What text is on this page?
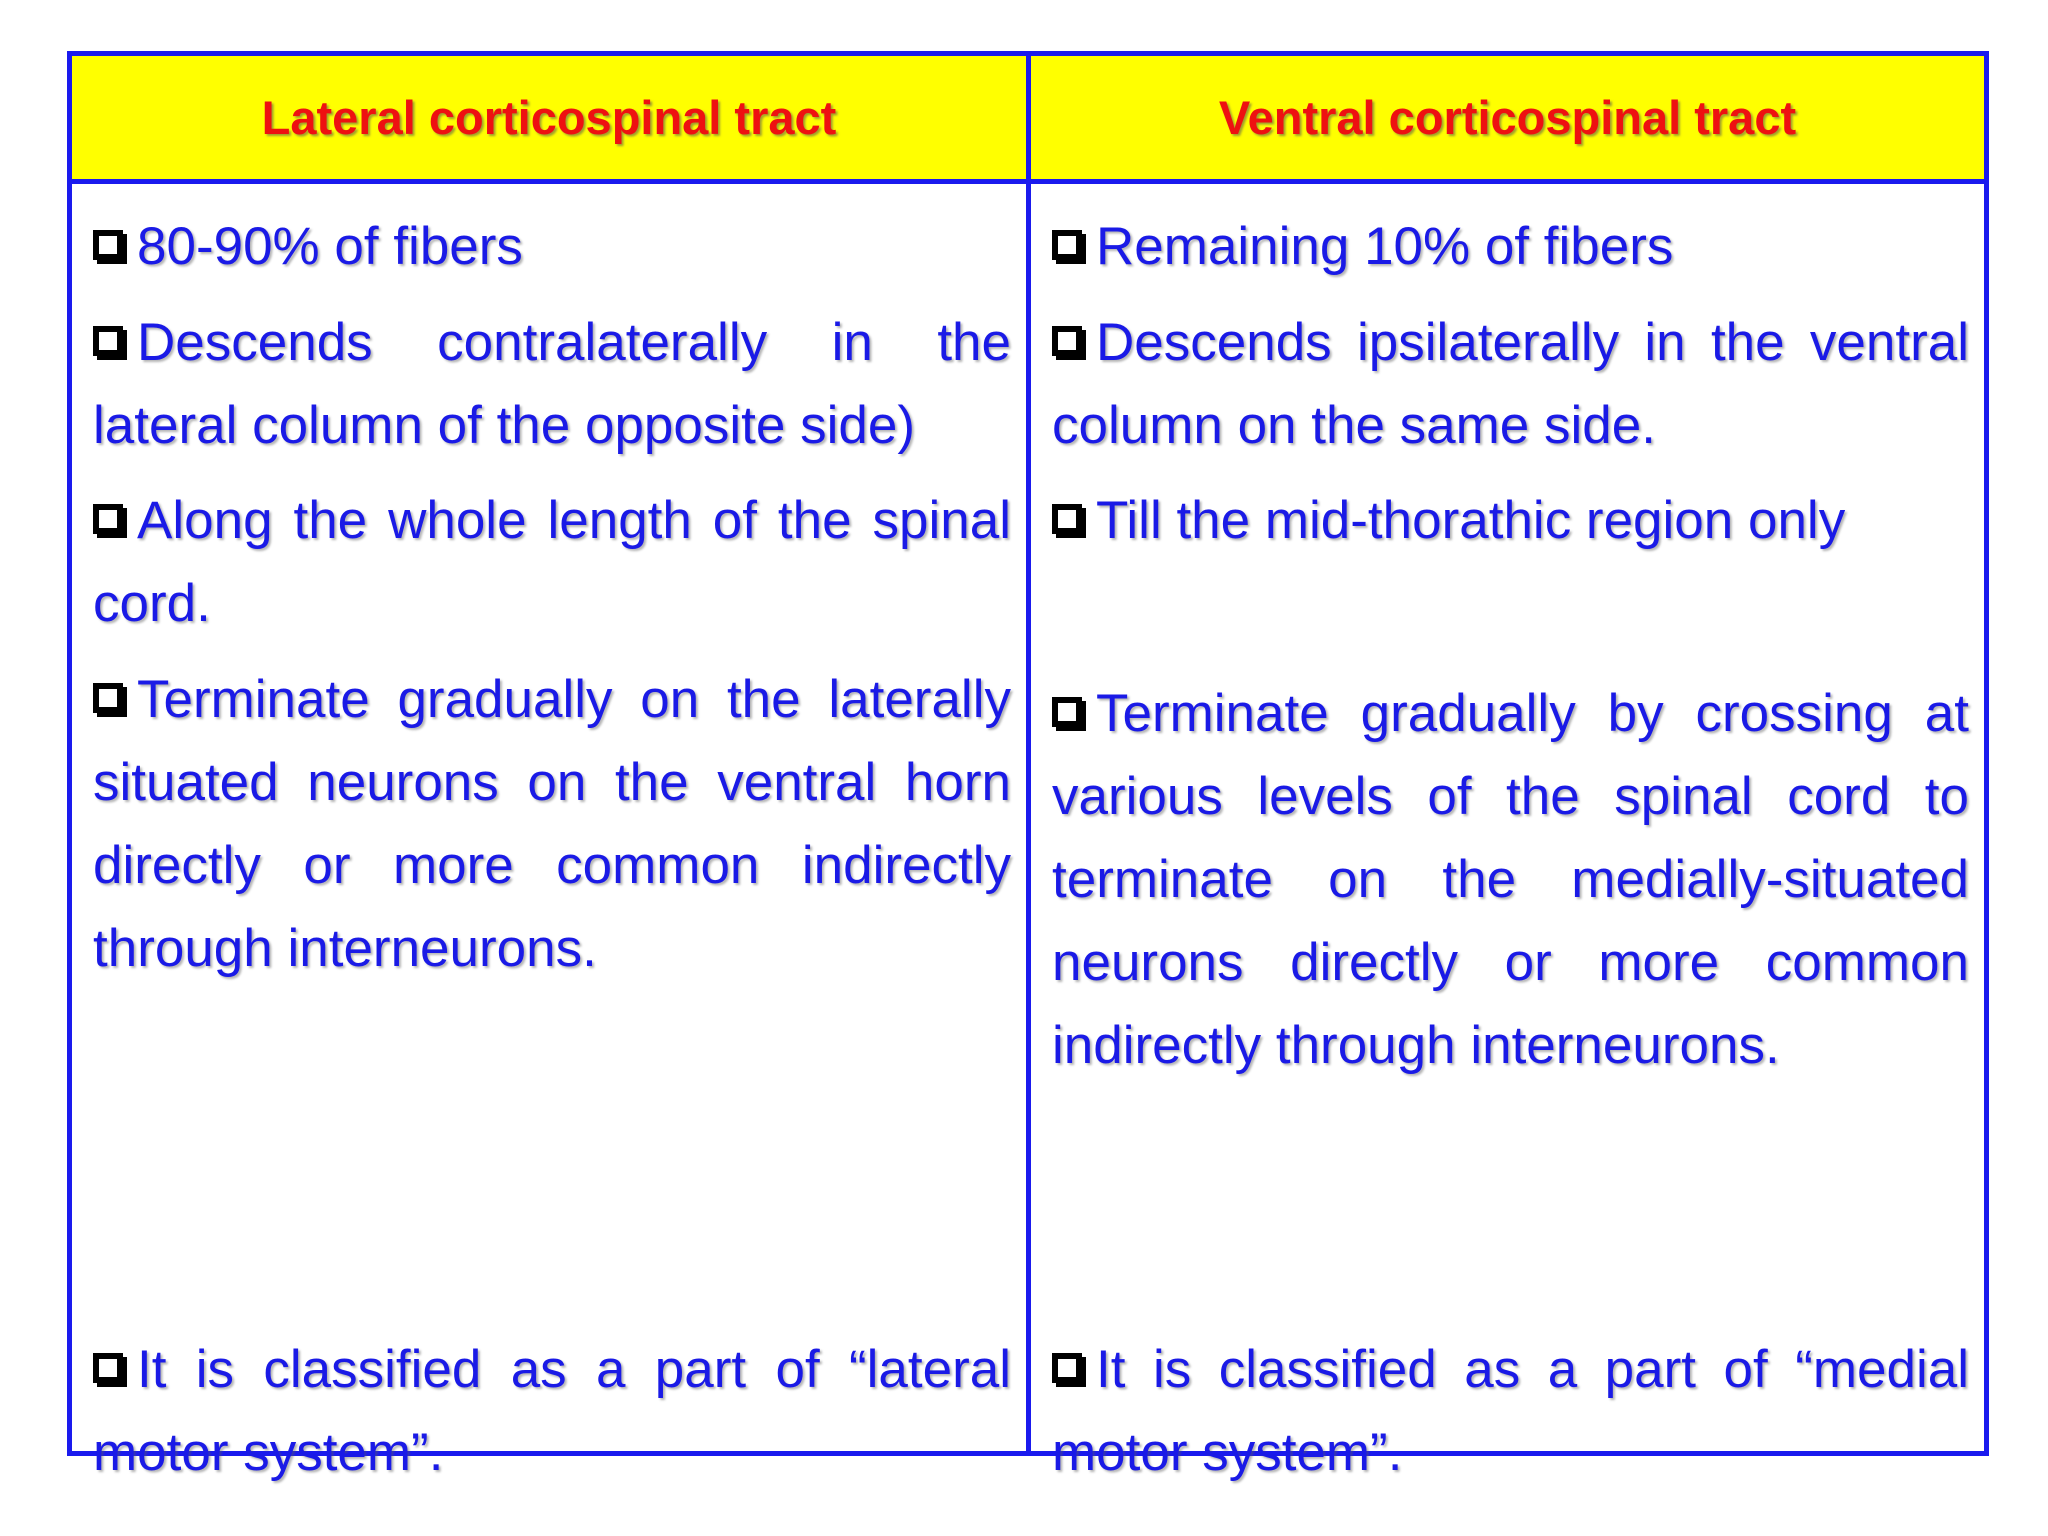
Lateral corticospinal tract	Ventral corticospinal tract
80-90% of fibers
Descends contralaterally in the lateral column of the opposite side)
Along the whole length of the spinal cord.
Terminate gradually on the laterally situated neurons on the ventral horn directly or more common indirectly through interneurons.
It is classified as a part of “lateral motor system”.
Remaining 10% of fibers
Descends ipsilaterally in the ventral column on the same side.
Till the mid-thorathic region only
Terminate gradually by crossing at various levels of the spinal cord to terminate on the medially-situated neurons directly or more common indirectly through interneurons.
It is classified as a part of “medial motor system”.
